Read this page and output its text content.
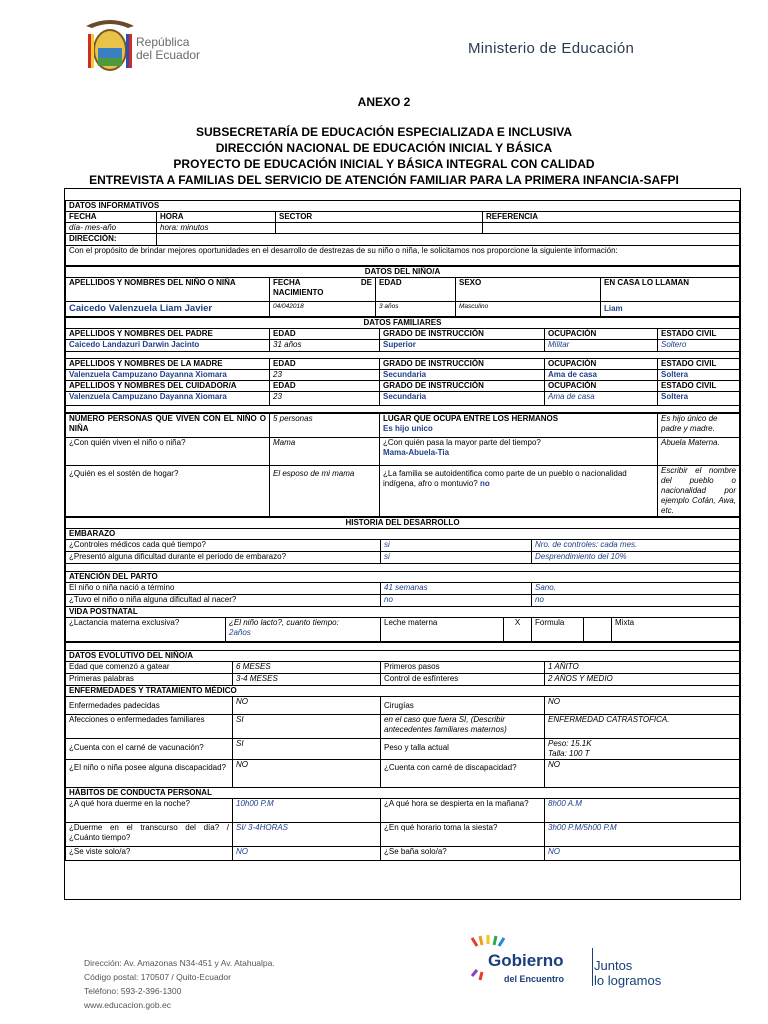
República
del Ecuador	Ministerio de Educación
ANEXO 2
SUBSECRETARÍA DE EDUCACIÓN ESPECIALIZADA E INCLUSIVA
DIRECCIÓN NACIONAL DE EDUCACIÓN INICIAL Y BÁSICA
PROYECTO DE EDUCACIÓN INICIAL Y BÁSICA INTEGRAL CON CALIDAD
ENTREVISTA A FAMILIAS DEL SERVICIO DE ATENCIÓN FAMILIAR PARA LA PRIMERA INFANCIA-SAFPI

DATOS INFORMATIVOS			
FECHA	HORA	SECTOR	REFERENCIA
día- mes-año	hora: minutos		
DIRECCIÓN:			
Con el propósito de brindar mejores oportunidades en el desarrollo de destrezas de su niño o niña, le solicitamos nos proporcione la siguiente información:			
DATOS DEL NIÑO/A				
APELLIDOS Y NOMBRES DEL NIÑO O NIÑA	FECHA DE
NACIMIENTO	EDAD	SEXO	EN CASA LO LLAMAN
Caicedo Valenzuela Liam Javier	04/042018	3 años	Masculino	Liam
DATOS FAMILIARES				
APELLIDOS Y NOMBRES DEL PADRE	EDAD	GRADO DE INSTRUCCIÓN	OCUPACIÓN	ESTADO CIVIL
Caicedo Landazuri Darwin Jacinto	31 años	Superior	Militar	Soltero

APELLIDOS Y NOMBRES DE LA MADRE	EDAD	GRADO DE INSTRUCCIÓN	OCUPACIÓN	ESTADO CIVIL
Valenzuela Campuzano Dayanna Xiomara	23	Secundaria	Ama de casa	Soltera
APELLIDOS Y NOMBRES DEL CUIDADOR/A	EDAD	GRADO DE INSTRUCCIÓN	OCUPACIÓN	ESTADO CIVIL
Valenzuela Campuzano Dayanna Xiomara	23	Secundaria	Ama de casa	Soltera

NÚMERO PERSONAS QUE VIVEN CON EL NIÑO O NIÑA	5 personas	LUGAR QUE OCUPA ENTRE LOS HERMANOS
Es hijo unico	Es hijo único de padre y madre.
¿Con quién viven el niño o niña?	Mama	¿Con quién pasa la mayor parte del tiempo?
Mama-Abuela-Tia	Abuela Materna.
¿Quién es el sostén de hogar?	El esposo de mi mama	¿La familia se autoidentifica como parte de un pueblo o nacionalidad indígena, afro o montuvio? no	Escribir el nombre del pueblo o nacionalidad por ejemplo Cofán, Awa, etc.
HISTORIA DEL DESARROLLO						
EMBARAZO						
¿Controles médicos cada qué tiempo?		si		Nro. de controles: cada mes.		
¿Presentó alguna dificultad durante el periodo de embarazo?		si		Desprendimiento del 10%		

ATENCIÓN DEL PARTO						
El niño o niña nació a término		41 semanas		Sano.		
¿Tuvo el niño o niña alguna dificultad al nacer?		no		no		
VIDA POSTNATAL						
¿Lactancia materna exclusiva?	¿El niño lacto?, cuanto tiempo:
2años	Leche materna	X	Formula		Mixta

DATOS EVOLUTIVO DEL NIÑO/A			
Edad que comenzó a gatear	6 MESES	Primeros pasos	1 AÑITO
Primeras palabras	3-4 MESES	Control de esfínteres	2 AÑOS Y MEDIO
ENFERMEDADES Y TRATAMIENTO MÉDICO			
Enfermedades padecidas	NO	Cirugías	NO
Afecciones o enfermedades familiares	SI	en el caso que fuera SI, (Describir antecedentes familiares maternos)	ENFERMEDAD CATRASTOFICA.
¿Cuenta con el carné de vacunación?	SI	Peso y talla actual	Peso: 15.1K
Talla: 100 T

¿El niño o niña posee alguna discapacidad?	NO	¿Cuenta con carné de discapacidad?	NO
HÁBITOS DE CONDUCTA PERSONAL			
¿A qué hora duerme en la noche?	10h00 P.M	¿A qué hora se despierta en la mañana?	8h00 A.M
¿Duerme en el transcurso del día? / ¿Cuánto tiempo?	SI/ 3-4HORAS	¿En qué horario toma la siesta?	3h00 P.M/5h00 P.M
¿Se viste solo/a?	NO	¿Se baña solo/a?	NO
Dirección: Av. Amazonas N34-451 y Av. Atahualpa.
Código postal: 170507 / Quito-Ecuador
Teléfono: 593-2-396-1300
www.educacion.gob.ec
Gobierno
del Encuentro
Juntos
lo logramos
